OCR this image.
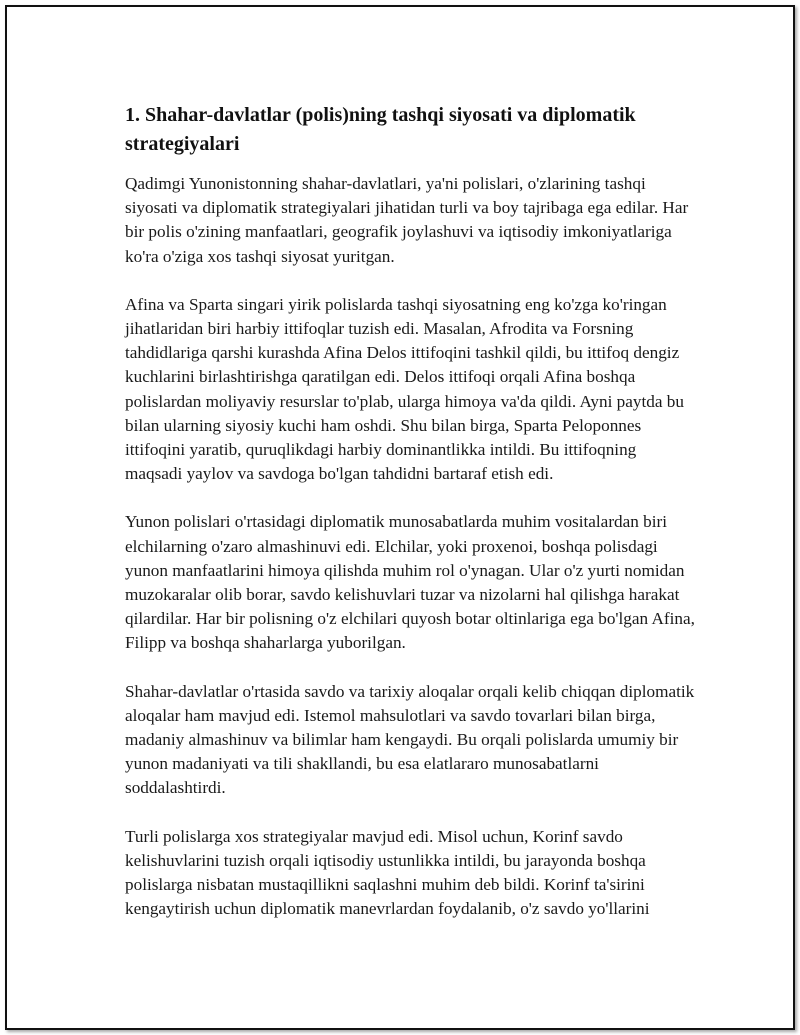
1. Shahar-davlatlar (polis)ning tashqi siyosati va diplomatik strategiyalari

Qadimgi Yunonistonning shahar-davlatlari, ya'ni polislari, o'zlarining tashqi siyosati va diplomatik strategiyalari jihatidan turli va boy tajribaga ega edilar. Har bir polis o'zining manfaatlari, geografik joylashuvi va iqtisodiy imkoniyatlariga ko'ra o'ziga xos tashqi siyosat yuritgan.

Afina va Sparta singari yirik polislarda tashqi siyosatning eng ko'zga ko'ringan jihatlaridan biri harbiy ittifoqlar tuzish edi. Masalan, Afrodita va Forsning tahdidlariga qarshi kurashda Afina Delos ittifoqini tashkil qildi, bu ittifoq dengiz kuchlarini birlashtirishga qaratilgan edi. Delos ittifoqi orqali Afina boshqa polislardan moliyaviy resurslar to'plab, ularga himoya va'da qildi. Ayni paytda bu bilan ularning siyosiy kuchi ham oshdi. Shu bilan birga, Sparta Peloponnes ittifoqini yaratib, quruqlikdagi harbiy dominantlikka intildi. Bu ittifoqning maqsadi yaylov va savdoga bo'lgan tahdidni bartaraf etish edi.

Yunon polislari o'rtasidagi diplomatik munosabatlarda muhim vositalardan biri elchilarning o'zaro almashinuvi edi. Elchilar, yoki proxenoi, boshqa polisdagi yunon manfaatlarini himoya qilishda muhim rol o'ynagan. Ular o'z yurti nomidan muzokaralar olib borar, savdo kelishuvlari tuzar va nizolarni hal qilishga harakat qilardilar. Har bir polisning o'z elchilari quyosh botar oltinlariga ega bo'lgan Afina, Filipp va boshqa shaharlarga yuborilgan.

Shahar-davlatlar o'rtasida savdo va tarixiy aloqalar orqali kelib chiqqan diplomatik aloqalar ham mavjud edi. Istemol mahsulotlari va savdo tovarlari bilan birga, madaniy almashinuv va bilimlar ham kengaydi. Bu orqali polislarda umumiy bir yunon madaniyati va tili shakllandi, bu esa elatlararo munosabatlarni soddalashtirdi.

Turli polislarga xos strategiyalar mavjud edi. Misol uchun, Korinf savdo kelishuvlarini tuzish orqali iqtisodiy ustunlikka intildi, bu jarayonda boshqa polislarga nisbatan mustaqillikni saqlashni muhim deb bildi. Korinf ta'sirini kengaytirish uchun diplomatik manevrlardan foydalanib, o'z savdo yo'llarini
